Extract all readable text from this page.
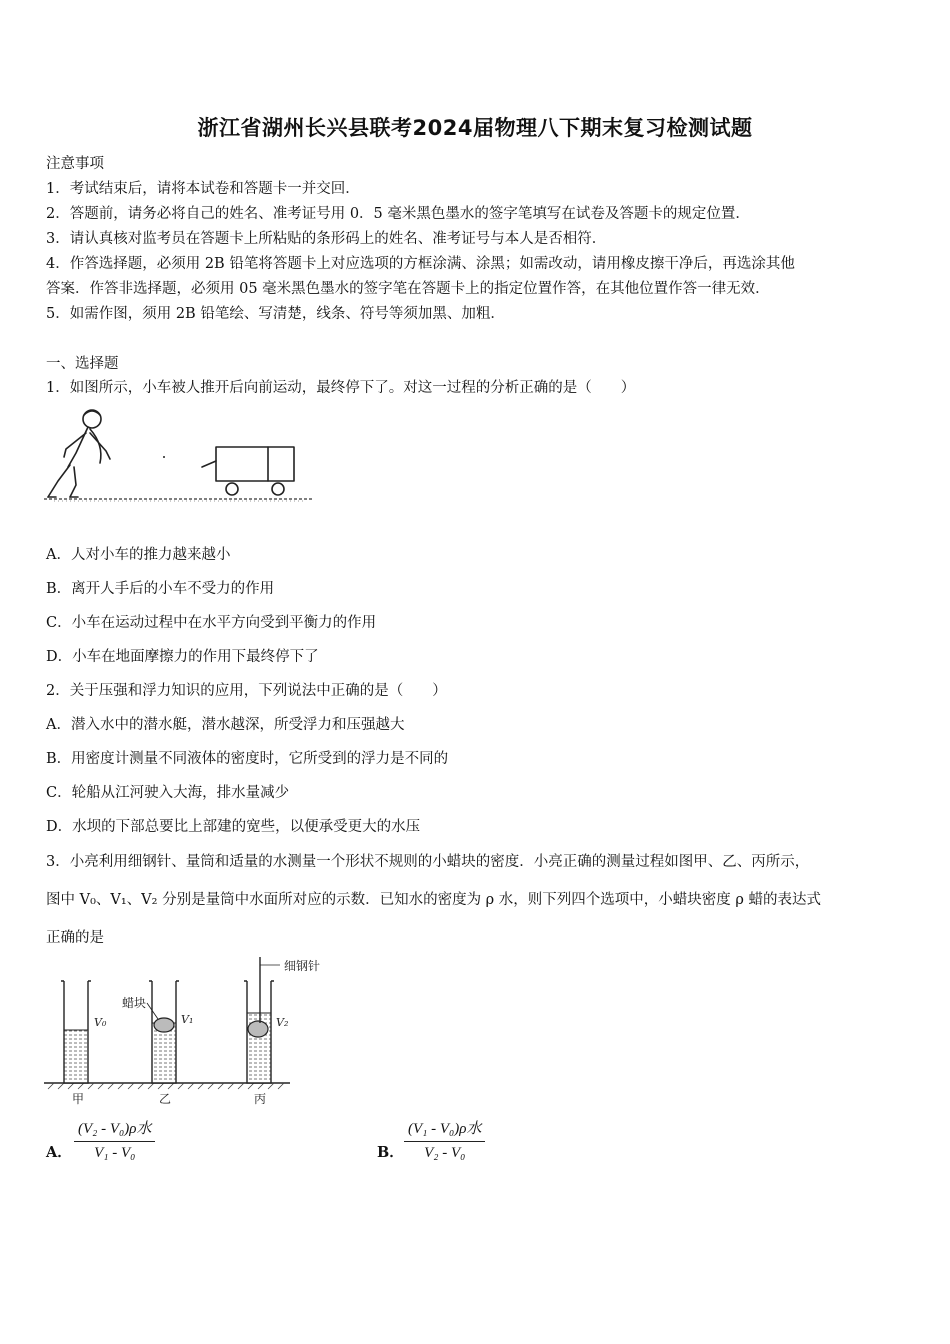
浙江省湖州长兴县联考2024届物理八下期末复习检测试题
注意事项
1．考试结束后，请将本试卷和答题卡一并交回．
2．答题前，请务必将自己的姓名、准考证号用 0．5 毫米黑色墨水的签字笔填写在试卷及答题卡的规定位置．
3．请认真核对监考员在答题卡上所粘贴的条形码上的姓名、准考证号与本人是否相符．
4．作答选择题，必须用 2B 铅笔将答题卡上对应选项的方框涂满、涂黑；如需改动，请用橡皮擦干净后，再选涂其他
答案．作答非选择题，必须用 05 毫米黑色墨水的签字笔在答题卡上的指定位置作答，在其他位置作答一律无效．
5．如需作图，须用 2B 铅笔绘、写清楚，线条、符号等须加黑、加粗．
一、选择题
1．如图所示，小车被人推开后向前运动，最终停下了。对这一过程的分析正确的是（　　）
A．人对小车的推力越来越小
B．离开人手后的小车不受力的作用
C．小车在运动过程中在水平方向受到平衡力的作用
D．小车在地面摩擦力的作用下最终停下了
2．关于压强和浮力知识的应用，下列说法中正确的是（　　）
A．潜入水中的潜水艇，潜水越深，所受浮力和压强越大
B．用密度计测量不同液体的密度时，它所受到的浮力是不同的
C．轮船从江河驶入大海，排水量减少
D．水坝的下部总要比上部建的宽些，以便承受更大的水压
3．小亮利用细钢针、量筒和适量的水测量一个形状不规则的小蜡块的密度．小亮正确的测量过程如图甲、乙、丙所示，
图中 V₀、V₁、V₂ 分别是量筒中水面所对应的示数．已知水的密度为 ρ 水，则下列四个选项中，小蜡块密度 ρ 蜡的表达式
正确的是
细钢针
蜡块
V₀	V₁	V₂
甲	乙	丙
A．
(V₂ - V₀)ρ水
V₁ - V₀	B．
(V₁ - V₀)ρ水
V₂ - V₀
